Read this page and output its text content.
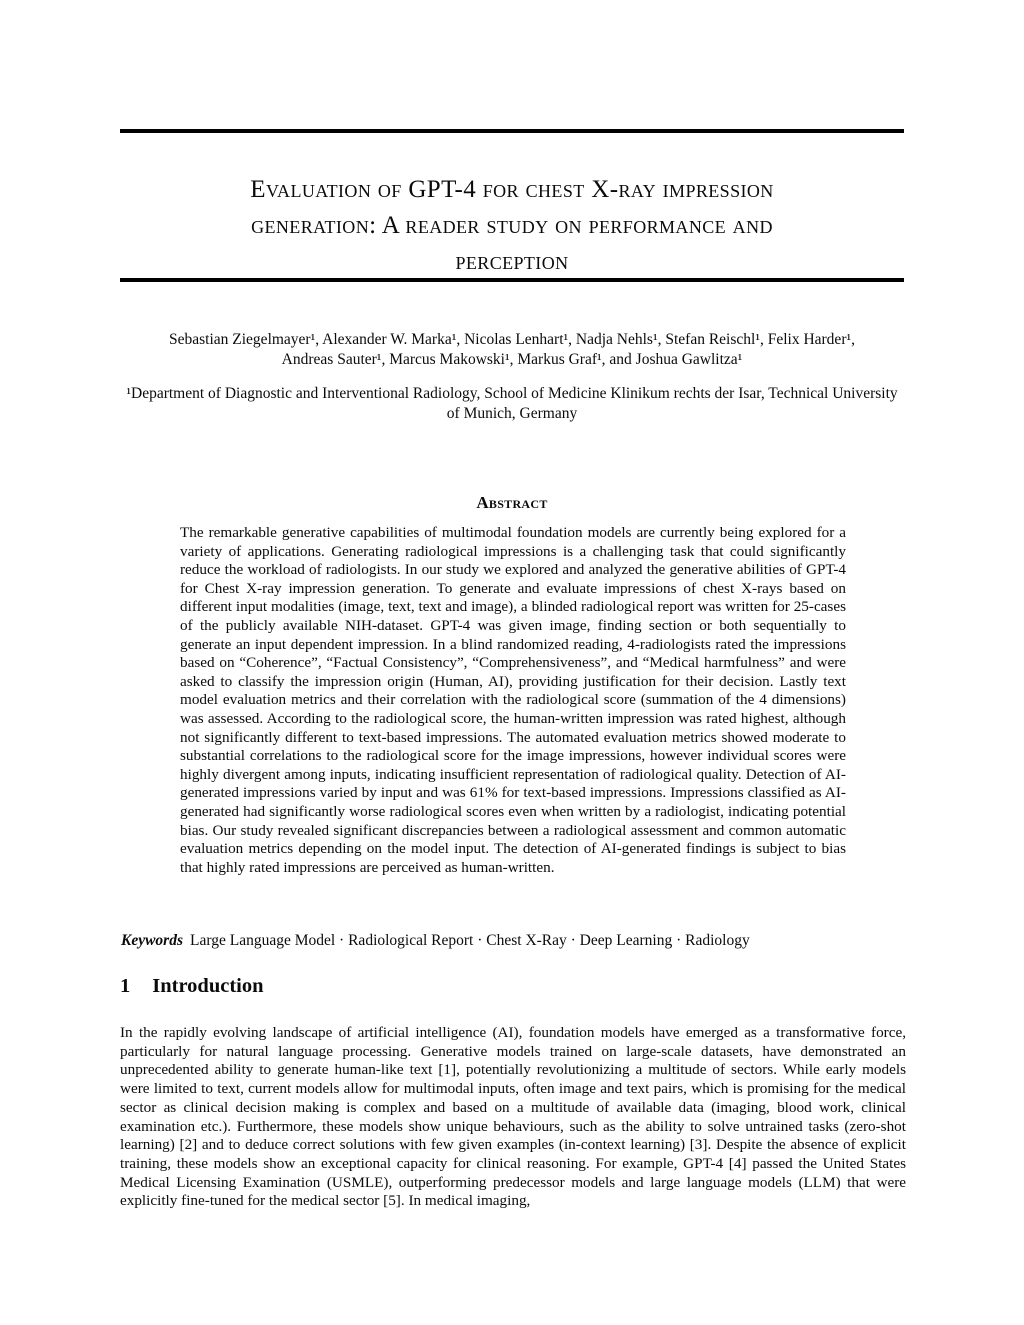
Evaluation of GPT-4 for chest X-ray impression
generation: A reader study on performance and
perception
Sebastian Ziegelmayer¹, Alexander W. Marka¹, Nicolas Lenhart¹, Nadja Nehls¹, Stefan Reischl¹, Felix Harder¹,
Andreas Sauter¹, Marcus Makowski¹, Markus Graf¹, and Joshua Gawlitza¹
¹Department of Diagnostic and Interventional Radiology, School of Medicine Klinikum rechts der Isar, Technical University of Munich, Germany
Abstract

The remarkable generative capabilities of multimodal foundation models are currently being explored for a variety of applications. Generating radiological impressions is a challenging task that could significantly reduce the workload of radiologists. In our study we explored and analyzed the generative abilities of GPT-4 for Chest X-ray impression generation. To generate and evaluate impressions of chest X-rays based on different input modalities (image, text, text and image), a blinded radiological report was written for 25-cases of the publicly available NIH-dataset. GPT-4 was given image, finding section or both sequentially to generate an input dependent impression. In a blind randomized reading, 4-radiologists rated the impressions based on “Coherence”, “Factual Consistency”, “Comprehensiveness”, and “Medical harmfulness” and were asked to classify the impression origin (Human, AI), providing justification for their decision. Lastly text model evaluation metrics and their correlation with the radiological score (summation of the 4 dimensions) was assessed. According to the radiological score, the human-written impression was rated highest, although not significantly different to text-based impressions. The automated evaluation metrics showed moderate to substantial correlations to the radiological score for the image impressions, however individual scores were highly divergent among inputs, indicating insufficient representation of radiological quality. Detection of AI-generated impressions varied by input and was 61% for text-based impressions. Impressions classified as AI-generated had significantly worse radiological scores even when written by a radiologist, indicating potential bias. Our study revealed significant discrepancies between a radiological assessment and common automatic evaluation metrics depending on the model input. The detection of AI-generated findings is subject to bias that highly rated impressions are perceived as human-written.

Keywords Large Language Model · Radiological Report · Chest X-Ray · Deep Learning · Radiology
1 Introduction

In the rapidly evolving landscape of artificial intelligence (AI), foundation models have emerged as a transformative force, particularly for natural language processing. Generative models trained on large-scale datasets, have demonstrated an unprecedented ability to generate human-like text [1], potentially revolutionizing a multitude of sectors. While early models were limited to text, current models allow for multimodal inputs, often image and text pairs, which is promising for the medical sector as clinical decision making is complex and based on a multitude of available data (imaging, blood work, clinical examination etc.). Furthermore, these models show unique behaviours, such as the ability to solve untrained tasks (zero-shot learning) [2] and to deduce correct solutions with few given examples (in-context learning) [3]. Despite the absence of explicit training, these models show an exceptional capacity for clinical reasoning. For example, GPT-4 [4] passed the United States Medical Licensing Examination (USMLE), outperforming predecessor models and large language models (LLM) that were explicitly fine-tuned for the medical sector [5]. In medical imaging,
